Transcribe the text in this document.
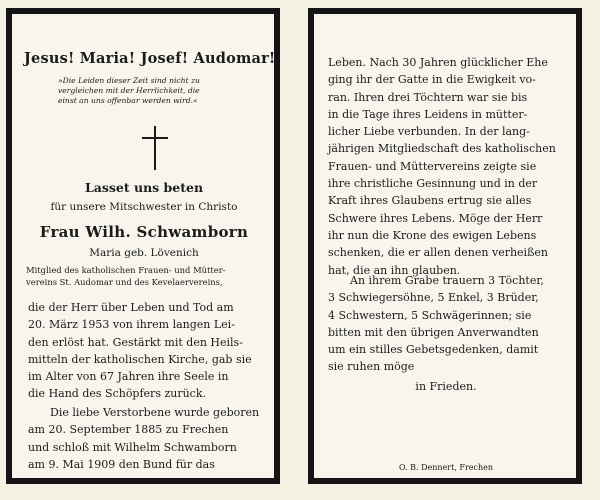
Jesus! Maria! Josef! Audomar!
»Die Leiden dieser Zeit sind nicht zu
vergleichen mit der Herrlichkeit, die
einst an uns offenbar werden wird.«
Lasset uns beten
für unsere Mitschwester in Christo
Frau Wilh. Schwamborn
Maria geb. Lövenich
Mitglied des katholischen Frauen- und Mütter-
vereins St. Audomar und des Kevelaervereins,
die der Herr über Leben und Tod am
20. März 1953 von ihrem langen Lei-
den erlöst hat. Gestärkt mit den Heils-
mitteln der katholischen Kirche, gab sie
im Alter von 67 Jahren ihre Seele in
die Hand des Schöpfers zurück.
Die liebe Verstorbene wurde geboren
am 20. September 1885 zu Frechen
und schloß mit Wilhelm Schwamborn
am 9. Mai 1909 den Bund für das
Leben. Nach 30 Jahren glücklicher Ehe
ging ihr der Gatte in die Ewigkeit vo-
ran. Ihren drei Töchtern war sie bis
in die Tage ihres Leidens in mütter-
licher Liebe verbunden. In der lang-
jährigen Mitgliedschaft des katholischen
Frauen- und Müttervereins zeigte sie
ihre christliche Gesinnung und in der
Kraft ihres Glaubens ertrug sie alles
Schwere ihres Lebens. Möge der Herr
ihr nun die Krone des ewigen Lebens
schenken, die er allen denen verheißen
hat, die an ihn glauben.
An ihrem Grabe trauern 3 Töchter,
3 Schwiegersöhne, 5 Enkel, 3 Brüder,
4 Schwestern, 5 Schwägerinnen; sie
bitten mit den übrigen Anverwandten
um ein stilles Gebetsgedenken, damit
sie ruhen möge
in Frieden.
O. B. Dennert, Frechen
